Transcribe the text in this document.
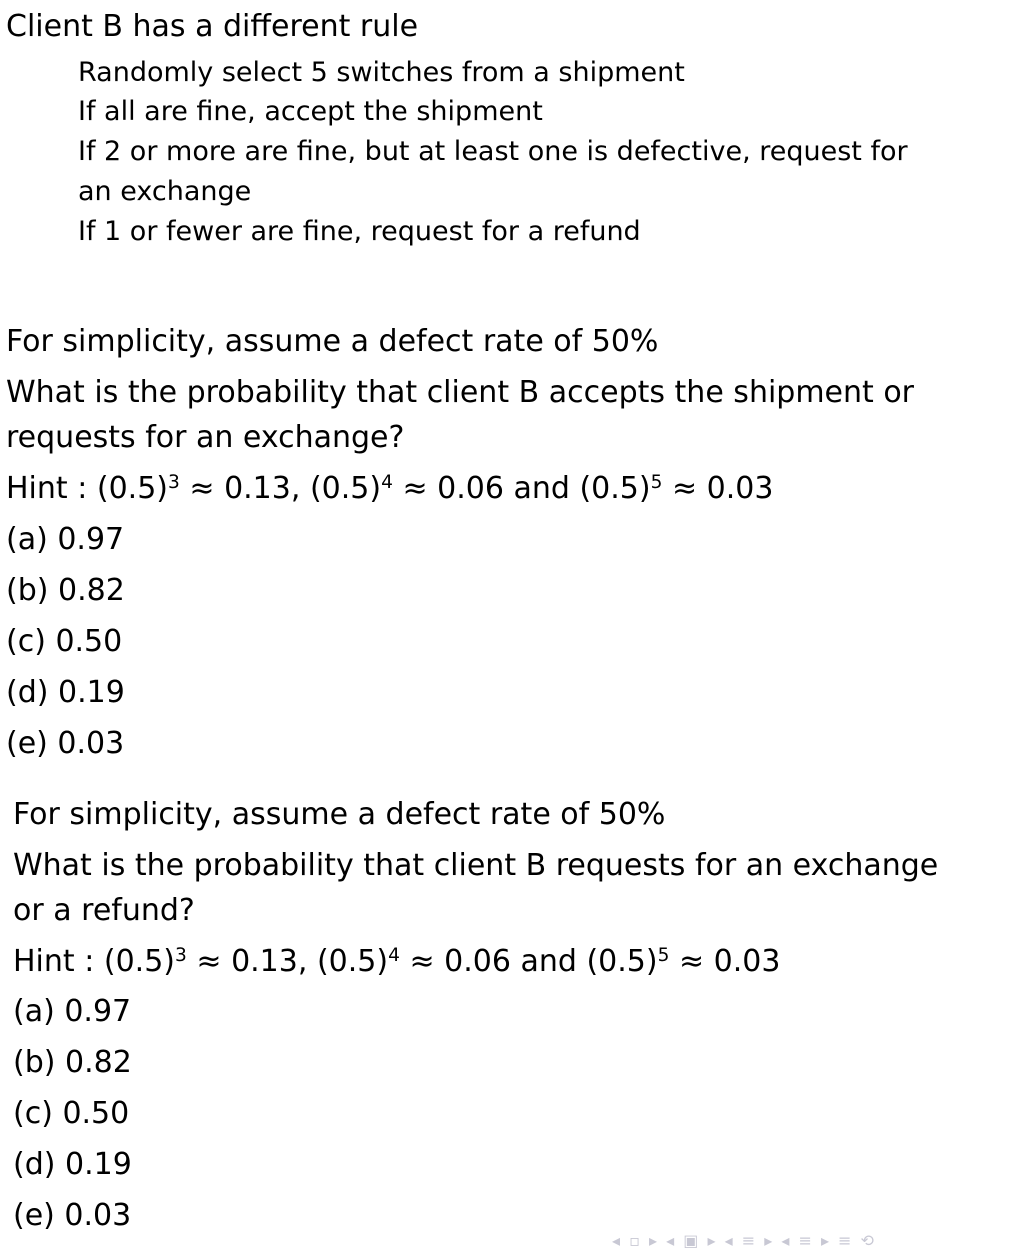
Client B has a different rule
Randomly select 5 switches from a shipment
If all are fine, accept the shipment
If 2 or more are fine, but at least one is defective, request for
an exchange
If 1 or fewer are fine, request for a refund
For simplicity, assume a defect rate of 50%
What is the probability that client B accepts the shipment or
requests for an exchange?
Hint : $(0.5)^3 \approx 0.13$, $(0.5)^4 \approx 0.06$ and $(0.5)^5 \approx 0.03$
(a) 0.97
(b) 0.82
(c) 0.50
(d) 0.19
(e) 0.03
For simplicity, assume a defect rate of 50%
What is the probability that client B requests for an exchange
or a refund?
Hint : $(0.5)^3 \approx 0.13$, $(0.5)^4 \approx 0.06$ and $(0.5)^5 \approx 0.03$
(a) 0.97
(b) 0.82
(c) 0.50
(d) 0.19
(e) 0.03
◂ ▫ ▸ ◂ ▣ ▸ ◂ ≡ ▸ ◂ ≡ ▸ ≡ ⟲
